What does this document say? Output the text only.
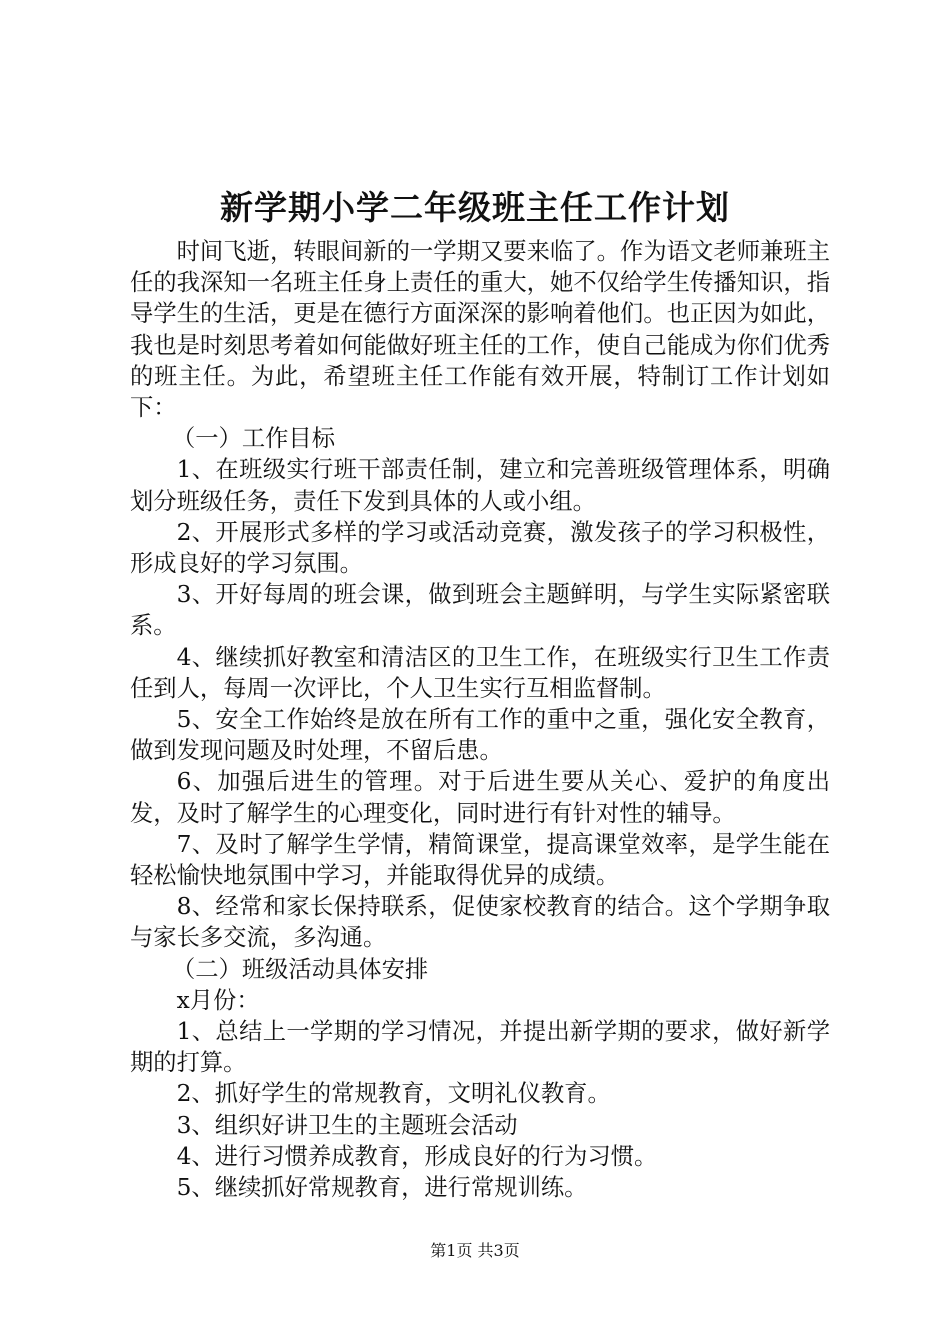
新学期小学二年级班主任工作计划

时间飞逝，转眼间新的一学期又要来临了。作为语文老师兼班主任的我深知一名班主任身上责任的重大，她不仅给学生传播知识，指导学生的生活，更是在德行方面深深的影响着他们。也正因为如此，我也是时刻思考着如何能做好班主任的工作，使自己能成为你们优秀的班主任。为此，希望班主任工作能有效开展，特制订工作计划如下：

（一）工作目标

1、在班级实行班干部责任制，建立和完善班级管理体系，明确划分班级任务，责任下发到具体的人或小组。

2、开展形式多样的学习或活动竞赛，激发孩子的学习积极性，形成良好的学习氛围。

3、开好每周的班会课，做到班会主题鲜明，与学生实际紧密联系。

4、继续抓好教室和清洁区的卫生工作，在班级实行卫生工作责任到人，每周一次评比，个人卫生实行互相监督制。

5、安全工作始终是放在所有工作的重中之重，强化安全教育，做到发现问题及时处理，不留后患。

6、加强后进生的管理。对于后进生要从关心、爱护的角度出发，及时了解学生的心理变化，同时进行有针对性的辅导。

7、及时了解学生学情，精简课堂，提高课堂效率，是学生能在轻松愉快地氛围中学习，并能取得优异的成绩。

8、经常和家长保持联系，促使家校教育的结合。这个学期争取与家长多交流，多沟通。

（二）班级活动具体安排

x月份：

1、总结上一学期的学习情况，并提出新学期的要求，做好新学期的打算。

2、抓好学生的常规教育，文明礼仪教育。

3、组织好讲卫生的主题班会活动

4、进行习惯养成教育，形成良好的行为习惯。

5、继续抓好常规教育，进行常规训练。

第1页 共3页
